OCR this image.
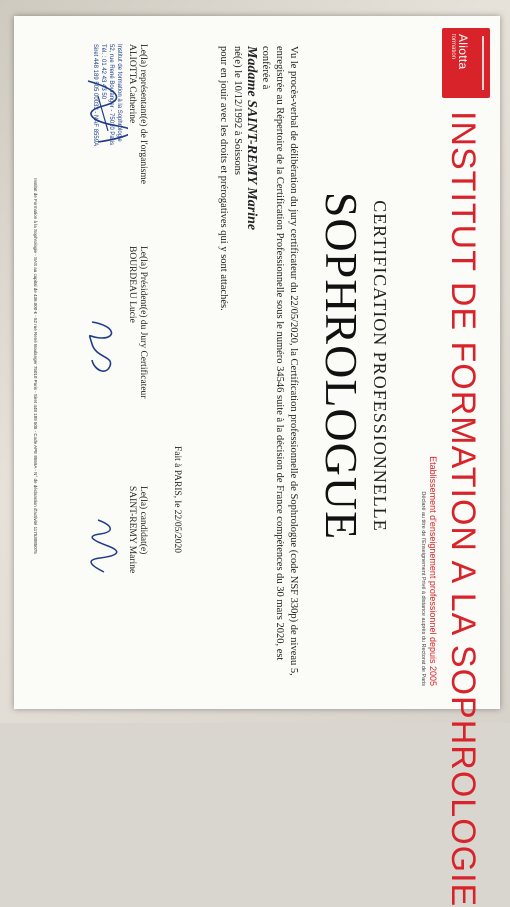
Aliotta
formation
INSTITUT DE FORMATION A LA SOPHROLOGIE
Etablissement d'enseignement professionnel depuis 2005
Déclaré au titre de l'Enseignement Privé à distance auprès du Rectorat de Paris
CERTIFICATION PROFESSIONNELLE
SOPHROLOGUE

Vu le procès-verbal de délibération du jury certificateur du 22/05/2020, la Certification professionnelle de Sophrologue (code NSF 330p) de niveau 5, enregistrée au Répertoire de la Certification Professionnelle sous le numéro 34546 suite à la décision de France compétences du 30 mars 2020, est conférée à

Madame SAINT-REMY Marine

né(e) le 10/12/1992 à Soissons

pour en jouir avec les droits et prérogatives qui y sont attachés.

Fait à PARIS, le 22/05/2020
Le(la) représentant(e) de l'organisme
ALIOTTA Catherine
Le(la) Président(e) du Jury Certificateur
BOURDEAU Lucie
Le(la) candidat(e)
SAINT-REMY Marine
Institut de formation à la Sophrologie
52, rue René Boulanger - 75010 Paris
Tél. : 01 42 43 43 50
Siret 448 189 505 00033 - NAF 8559A
Institut de Formation à la Sophrologie - SAS au capital de 436.000 € - 52 rue René Boulanger 75010 Paris - Siret 448 189 505 - Code APE 8559A - N° de déclaration d'activité 11753085075
